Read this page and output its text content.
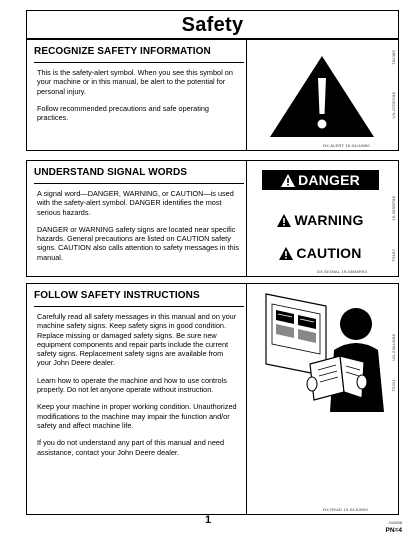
Safety
RECOGNIZE SAFETY INFORMATION

This is the safety-alert symbol. When you see this symbol on your machine or in this manual, be alert to the potential for personal injury.

Follow recommended precautions and safe operating practices.	UN-07DEC88
T81389
DX,ALERT 19-04JUN90
UNDERSTAND SIGNAL WORDS

A signal word—DANGER, WARNING, or CAUTION—is used with the safety-alert symbol. DANGER identifies the most serious hazards.

DANGER or WARNING safety signs are located near specific hazards. General precautions are listed on CAUTION safety signs. CAUTION also calls attention to safety messages in this manual.

19-30SEP88
TS187
DX,SIGNAL 19-03MAR93
DANGER
WARNING
CAUTION
FOLLOW SAFETY INSTRUCTIONS

Carefully read all safety messages in this manual and on your machine safety signs. Keep safety signs in good condition. Replace missing or damaged safety signs. Be sure new equipment components and repair parts include the current safety signs. Replacement safety signs are available from your John Deere dealer.

Learn how to operate the machine and how to use controls properly. Do not let anyone operate without instruction.

Keep your machine in proper working condition. Unauthorized modifications to the machine may impair the function and/or safety and affect machine life.

If you do not understand any part of this manual and need assistance, contact your John Deere dealer.

UN-23AUG88
TS201
DX,READ 19-04JUN90
1	010698
PN=4
